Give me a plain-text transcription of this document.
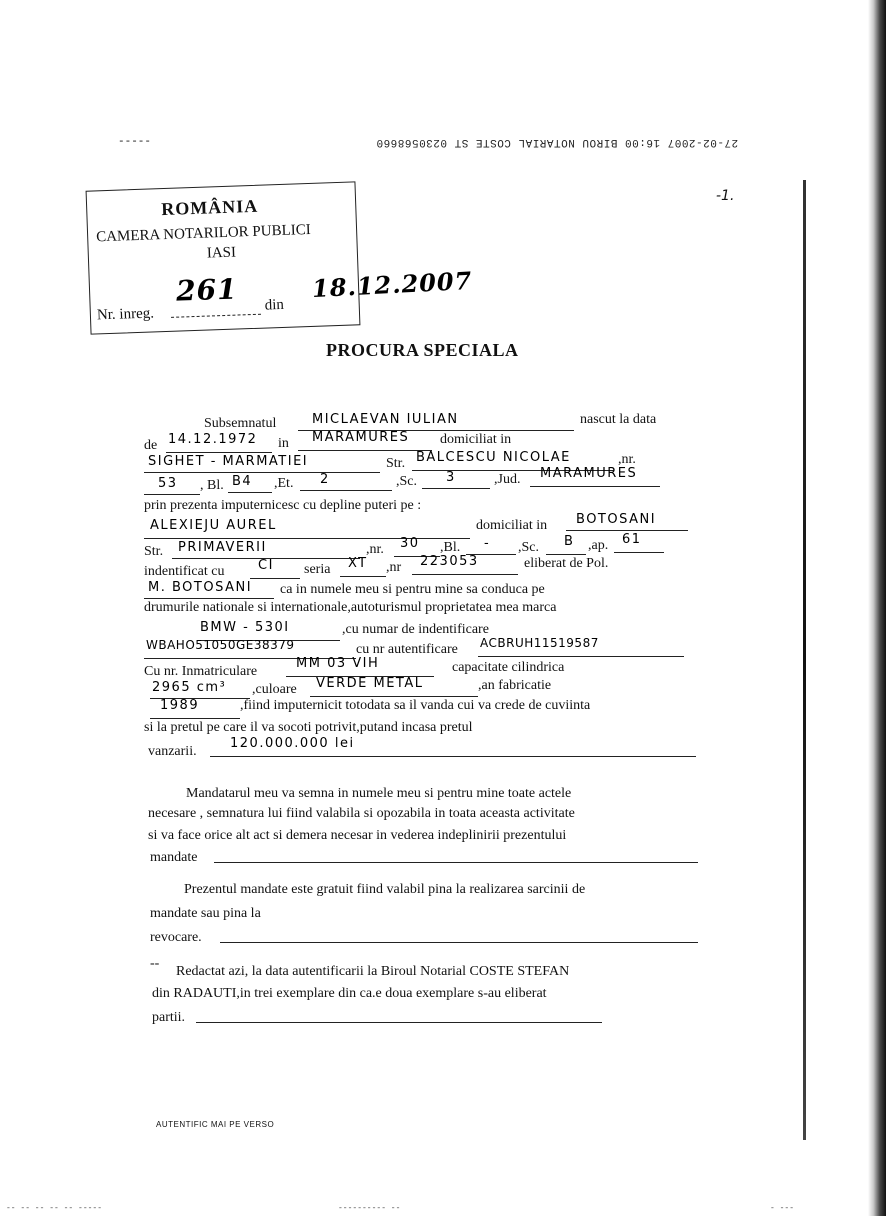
-----	27-02-2007 16:00 BIROU NOTARIAL COSTE ST 0230568660
-1.
ROMÂNIA
CAMERA NOTARILOR PUBLICI
IASI
Nr. inreg.
261 din
18.12.2007
PROCURA SPECIALA
Subsemnatul	MICLAEVAN IULIAN	nascut la data
de 14.12.1972 in MARAMURES domiciliat in
SIGHET - MARMATIEI	Str. BALCESCU NICOLAE	,nr.
53 , Bl. B4 ,Et. 2	,Sc. 3	,Jud. MARAMURES
prin prezenta imputernicesc cu depline puteri pe :
ALEXIEJU AUREL	domiciliat in BOTOSANI
Str. PRIMAVERII	,nr. 30 ,Bl. - ,Sc. B ,ap. 61
indentificat cu	CI seria XT ,nr 223053	eliberat de Pol.
M. BOTOSANI ca in numele meu si pentru mine sa conduca pe
drumurile nationale si internationale,autoturismul proprietatea mea marca
BMW - 530I	,cu numar de indentificare
WBAHO51050GE38379	cu nr autentificare ACBRUH11519587
Cu nr. Inmatriculare
MM 03 VIH	capacitate cilindrica
2965 cm³ ,culoare VERDE METAL	,an fabricatie
1989	,fiind imputernicit totodata sa il vanda cui va crede de cuviinta
si la pretul pe care il va socoti potrivit,putand incasa pretul
vanzarii.
120.000.000 lei
Mandatarul meu va semna in numele meu si pentru mine toate actele
necesare , semnatura lui fiind valabila si opozabila in toata aceasta activitate
si va face orice alt act si demera necesar in vederea indeplinirii prezentului
mandate
Prezentul mandate este gratuit fiind valabil pina la realizarea sarcinii de
mandate sau pina la
revocare.
--
Redactat azi, la data autentificarii la Biroul Notarial COSTE STEFAN
din RADAUTI,in trei exemplare din ca.e doua exemplare s-au eliberat
partii.
AUTENTIFIC MAI PE VERSO
-- -- -- -- -- -----	---------- --	- ---
